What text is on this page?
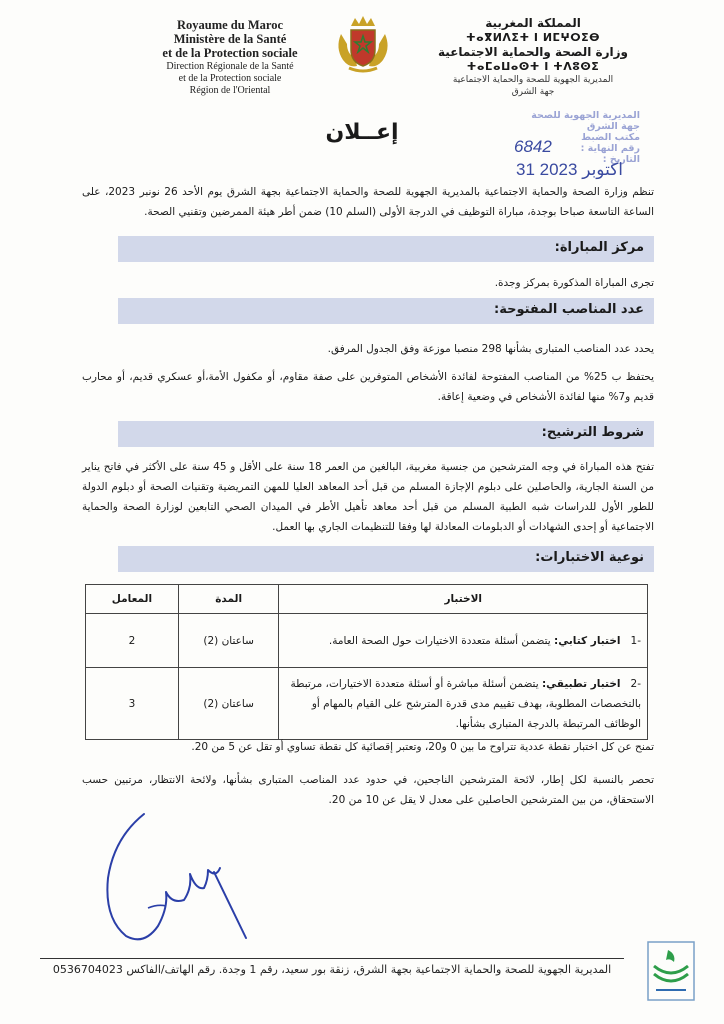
Royaume du Maroc
Ministère de la Santé
et de la Protection sociale
Direction Régionale de la Santé
et de la Protection sociale
Région de l'Oriental
المملكة المغربية
ⵜⴰⴳⵍⴷⵉⵜ ⵏ ⵍⵎⵖⵔⵉⴱ
وزارة الصحة والحماية الاجتماعية
ⵜⴰⵎⴰⵡⴰⵙⵜ ⵏ ⵜⴷⵓⵙⵉ
المديرية الجهوية للصحة والحماية الاجتماعية
جهة الشرق
المديرية الجهوية للصحة
جهة الشرق
مكتب الضبط
رقم النهاية :
التاريخ :
6842
31 اكتوبر 2023
إعــلان
تنظم وزارة الصحة والحماية الاجتماعية بالمديرية الجهوية للصحة والحماية الاجتماعية بجهة الشرق يوم الأحد 26 نونبر 2023، على الساعة التاسعة صباحا بوجدة، مباراة التوظيف في الدرجة الأولى (السلم 10) ضمن أطر هيئة الممرضين وتقنيي الصحة.
مركز المباراة:
تجرى المباراة المذكورة بمركز وجدة.
عدد المناصب المفتوحة:
يحدد عدد المناصب المتبارى بشأنها 298 منصبا موزعة وفق الجدول المرفق.
يحتفظ ب 25% من المناصب المفتوحة لفائدة الأشخاص المتوفرين على صفة مقاوم، أو مكفول الأمة،أو عسكري قديم، أو محارب قديم و7% منها لفائدة الأشخاص في وضعية إعاقة.
شروط الترشيح:
تفتح هذه المباراة في وجه المترشحين من جنسية مغربية، البالغين من العمر 18 سنة على الأقل و 45 سنة على الأكثر في فاتح يناير من السنة الجارية، والحاصلين على دبلوم الإجازة المسلم من قبل أحد المعاهد العليا للمهن التمريضية وتقنيات الصحة أو دبلوم الدولة للطور الأول للدراسات شبه الطبية المسلم من قبل أحد معاهد تأهيل الأطر في الميدان الصحي التابعين لوزارة الصحة والحماية الاجتماعية أو إحدى الشهادات أو الدبلومات المعادلة لها وفقا للتنظيمات الجاري بها العمل.
نوعية الاختبارات:
الاختبار	المدة	المعامل
-1   اختبار كتابي: يتضمن أسئلة متعددة الاختيارات حول الصحة العامة.	ساعتان (2)	2
-2   اختبار تطبيقي: يتضمن أسئلة مباشرة أو أسئلة متعددة الاختيارات، مرتبطة بالتخصصات المطلوبة، بهدف تقييم مدى قدرة المترشح على القيام بالمهام أو الوظائف المرتبطة بالدرجة المتبارى بشأنها.	ساعتان (2)	3
تمنح عن كل اختبار نقطة عددية تتراوح ما بين 0 و20، وتعتبر إقصائية كل نقطة تساوي أو تقل عن 5 من 20.
تحصر بالنسبة لكل إطار، لائحة المترشحين الناجحين، في حدود عدد المناصب المتبارى بشأنها، ولائحة الانتظار، مرتبين حسب الاستحقاق، من بين المترشحين الحاصلين على معدل لا يقل عن 10 من 20.
المديرية الجهوية للصحة والحماية الاجتماعية بجهة الشرق، زنقة بور سعيد، رقم 1 وجدة. رقم الهاتف/الفاكس 0536704023
